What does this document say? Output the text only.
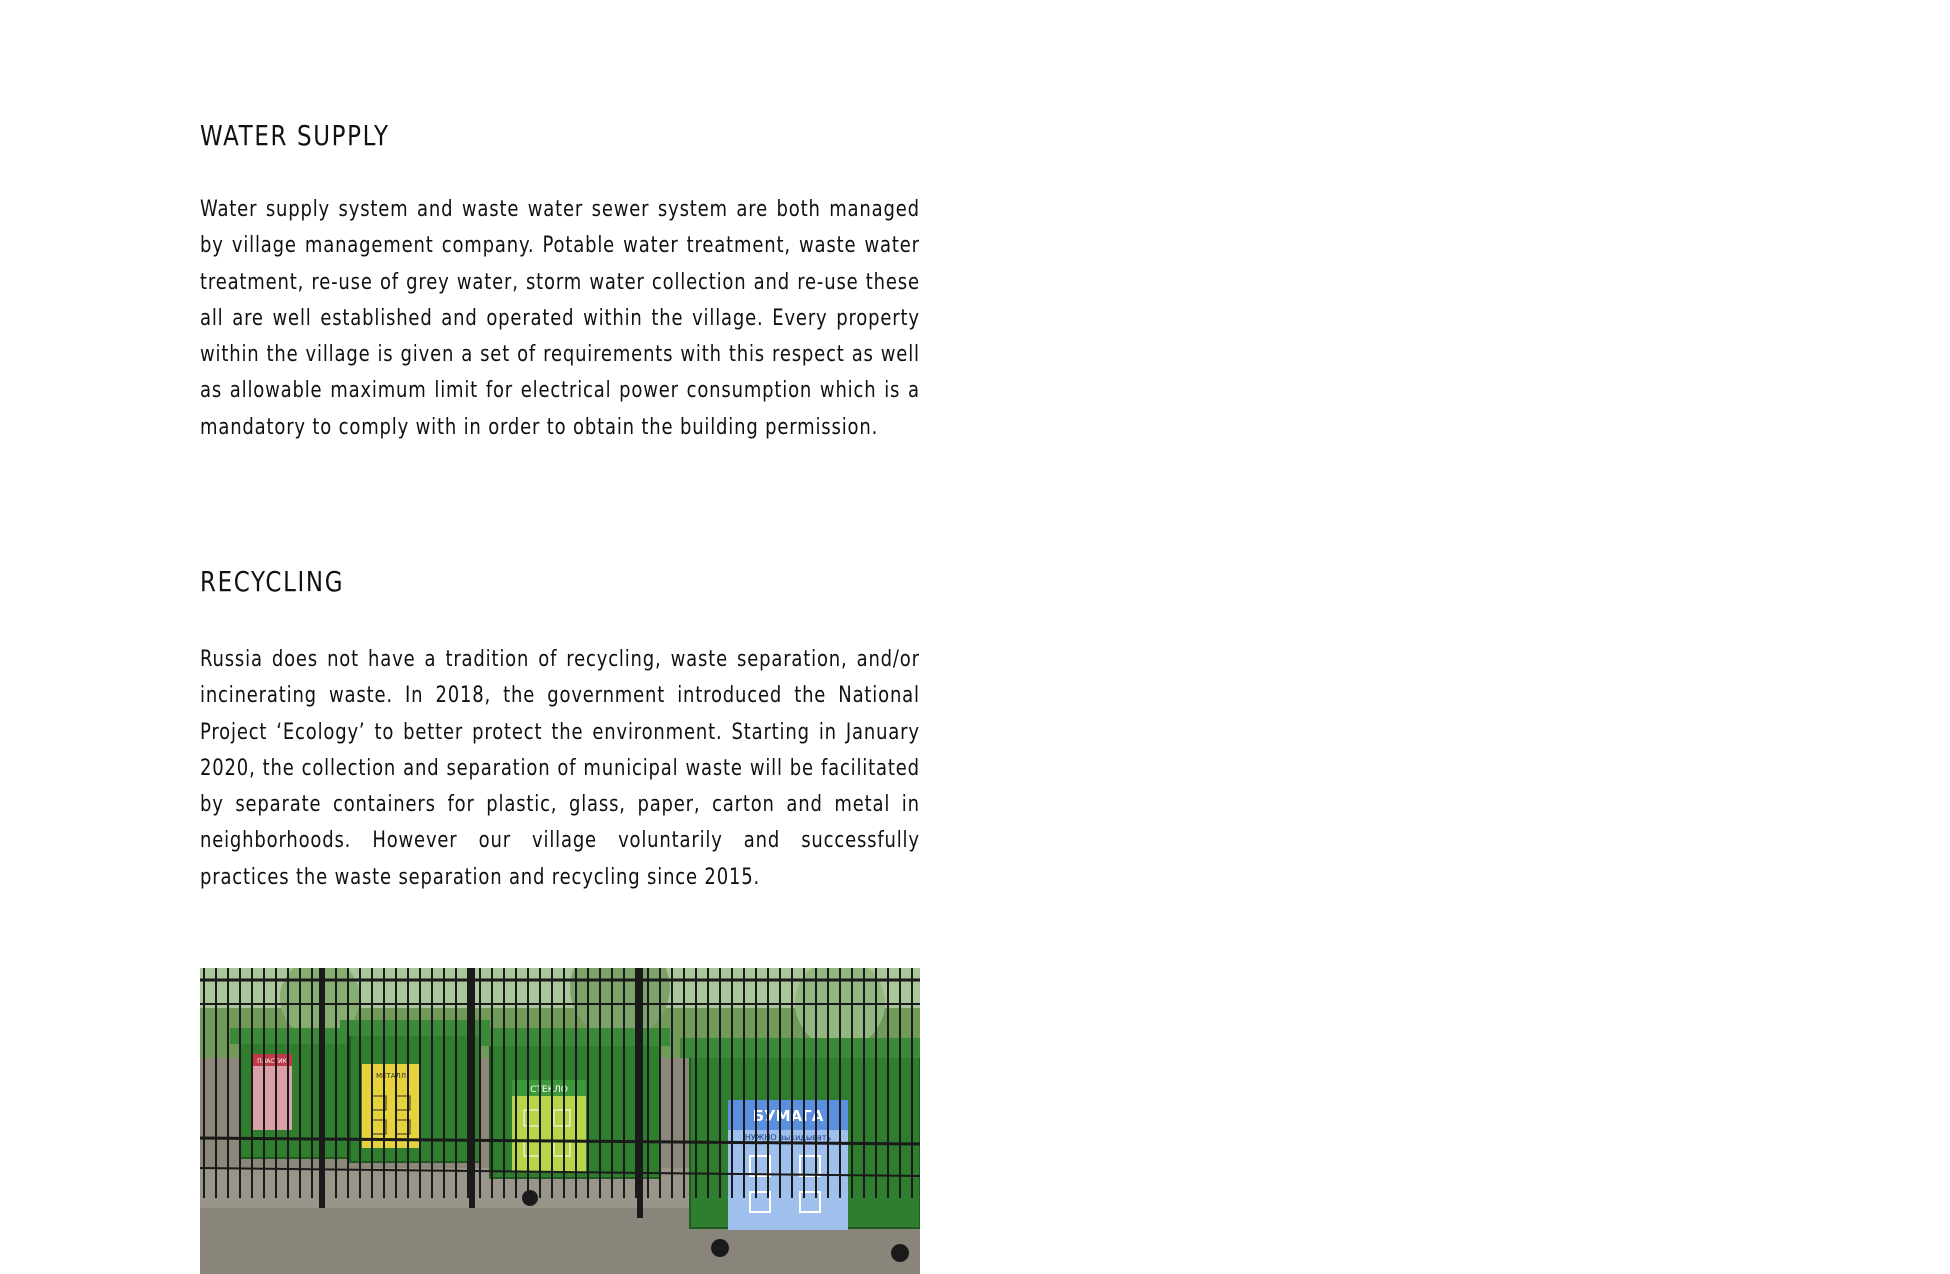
WATER SUPPLY

Water supply system and waste water sewer system are both managed by village management company. Potable water treatment, waste water treatment, re-use of grey water, storm water collection and re-use these all are well established and operated within the village. Every property within the village is given a set of requirements with this respect as well as allowable maximum limit for electrical power consumption which is a mandatory to comply with in order to obtain the building permission.

RECYCLING

Russia does not have a tradition of recycling, waste separation, and/or incinerating waste. In 2018, the government introduced the National Project ‘Ecology’ to better protect the environment. Starting in January 2020, the collection and separation of municipal waste will be facilitated by separate containers for plastic, glass, paper, carton and metal in neighborhoods. However our village voluntarily and successfully practices the waste separation and recycling since 2015.

ПЛАСТИК
МЕТАЛЛ
СТЕКЛО
БУМАГА
НУЖНО выкидывать
